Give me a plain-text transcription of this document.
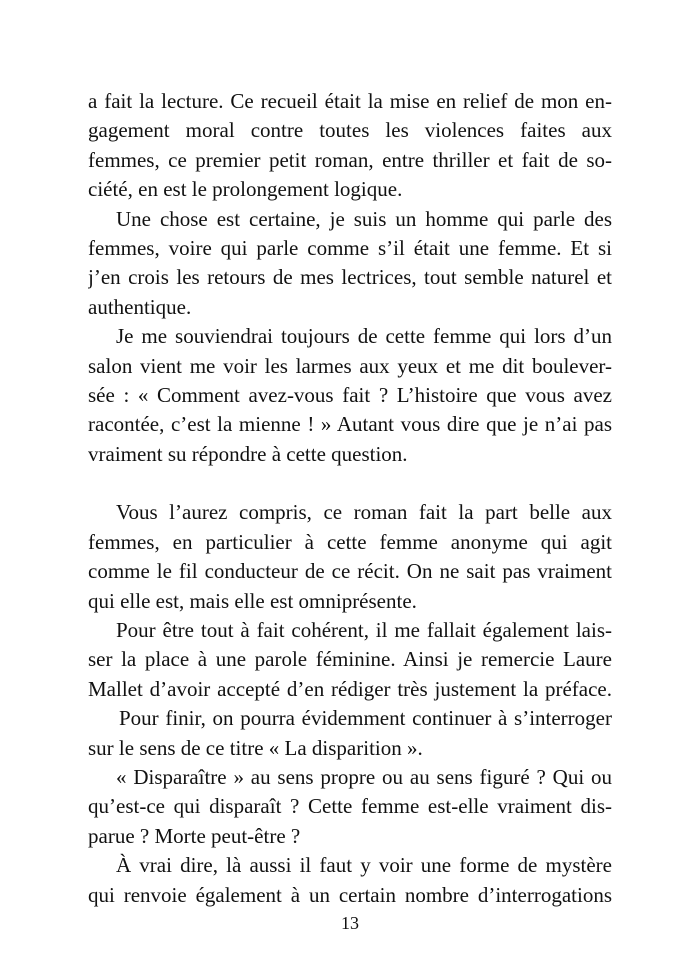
a fait la lecture. Ce recueil était la mise en relief de mon en-
gagement moral contre toutes les violences faites aux
femmes, ce premier petit roman, entre thriller et fait de so-
ciété, en est le prolongement logique.
Une chose est certaine, je suis un homme qui parle des
femmes, voire qui parle comme s’il était une femme. Et si
j’en crois les retours de mes lectrices, tout semble naturel et
authentique.
Je me souviendrai toujours de cette femme qui lors d’un
salon vient me voir les larmes aux yeux et me dit boulever-
sée : « Comment avez-vous fait ? L’histoire que vous avez
racontée, c’est la mienne ! » Autant vous dire que je n’ai pas
vraiment su répondre à cette question.
Vous l’aurez compris, ce roman fait la part belle aux
femmes, en particulier à cette femme anonyme qui agit
comme le fil conducteur de ce récit. On ne sait pas vraiment
qui elle est, mais elle est omniprésente.
Pour être tout à fait cohérent, il me fallait également lais-
ser la place à une parole féminine. Ainsi je remercie Laure
Mallet d’avoir accepté d’en rédiger très justement la préface.
Pour finir, on pourra évidemment continuer à s’interroger
sur le sens de ce titre « La disparition ».
« Disparaître » au sens propre ou au sens figuré ? Qui ou
qu’est-ce qui disparaît ? Cette femme est-elle vraiment dis-
parue ? Morte peut-être ?
À vrai dire, là aussi il faut y voir une forme de mystère
qui renvoie également à un certain nombre d’interrogations
13
